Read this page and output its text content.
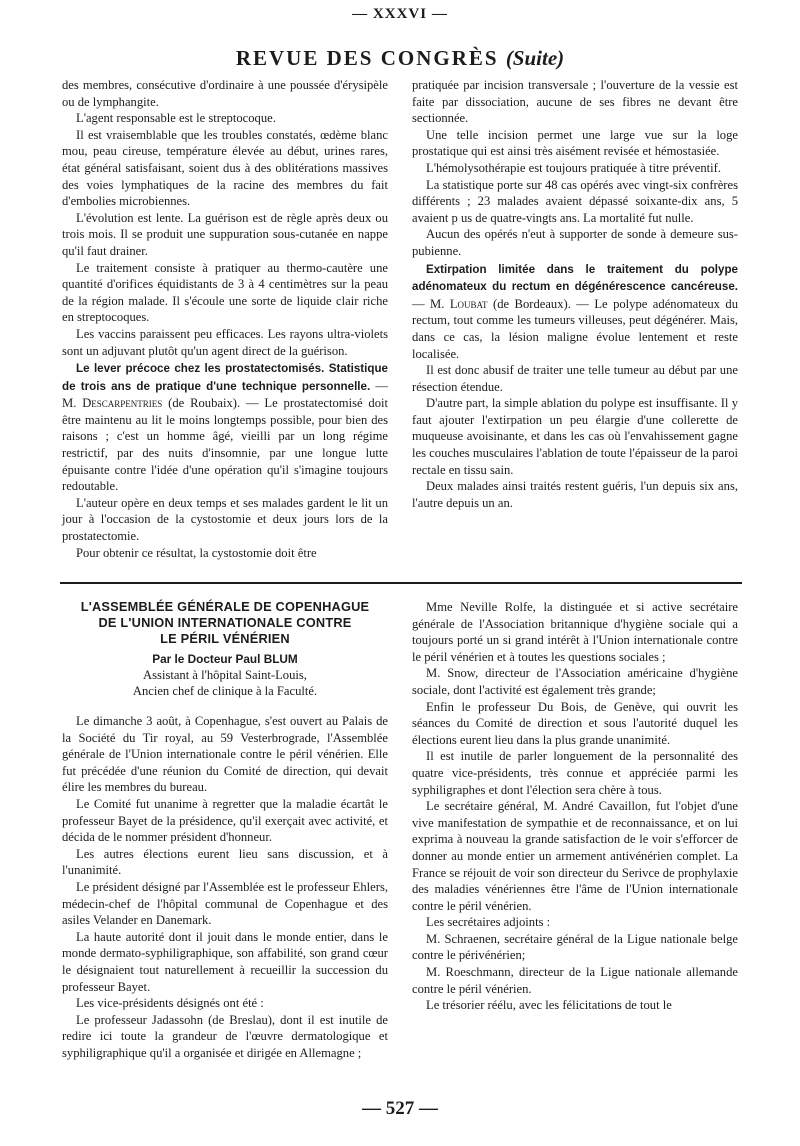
— XXXVI —
REVUE DES CONGRÈS (Suite)

des membres, consécutive d'ordinaire à une poussée d'érysipèle ou de lymphangite.

L'agent responsable est le streptocoque.

Il est vraisemblable que les troubles constatés, œdème blanc mou, peau cireuse, température élevée au début, urines rares, état général satisfaisant, soient dus à des oblitérations massives des voies lymphatiques de la racine des membres du fait d'embolies microbiennes.

L'évolution est lente. La guérison est de règle après deux ou trois mois. Il se produit une suppuration sous-cutanée en nappe qu'il faut drainer.

Le traitement consiste à pratiquer au thermo-cautère une quantité d'orifices équidistants de 3 à 4 centimètres sur la peau de la région malade. Il s'écoule une sorte de liquide clair riche en streptocoques.

Les vaccins paraissent peu efficaces. Les rayons ultra-violets sont un adjuvant plutôt qu'un agent direct de la guérison.

Le lever précoce chez les prostatectomisés. Statistique de trois ans de pratique d'une technique personnelle. — M. Descarpentries (de Roubaix). — Le prostatectomisé doit être maintenu au lit le moins longtemps possible, pour bien des raisons ; c'est un homme âgé, vieilli par un long régime restrictif, par des nuits d'insomnie, par une longue lutte épuisante contre l'idée d'une opération qu'il s'imagine toujours redoutable.

L'auteur opère en deux temps et ses malades gardent le lit un jour à l'occasion de la cystostomie et deux jours lors de la prostatectomie.

Pour obtenir ce résultat, la cystostomie doit être

pratiquée par incision transversale ; l'ouverture de la vessie est faite par dissociation, aucune de ses fibres ne devant être sectionnée.

Une telle incision permet une large vue sur la loge prostatique qui est ainsi très aisément revisée et hémostasiée.

L'hémolysothérapie est toujours pratiquée à titre préventif.

La statistique porte sur 48 cas opérés avec vingt-six confrères différents ; 23 malades avaient dépassé soixante-dix ans, 5 avaient p us de quatre-vingts ans. La mortalité fut nulle.

Aucun des opérés n'eut à supporter de sonde à demeure sus-pubienne.

Extirpation limitée dans le traitement du polype adénomateux du rectum en dégénérescence cancéreuse. — M. Loubat (de Bordeaux). — Le polype adénomateux du rectum, tout comme les tumeurs villeuses, peut dégénérer. Mais, dans ce cas, la lésion maligne évolue lentement et reste localisée.

Il est donc abusif de traiter une telle tumeur au début par une résection étendue.

D'autre part, la simple ablation du polype est insuffisante. Il y faut ajouter l'extirpation un peu élargie d'une collerette de muqueuse avoisinante, et dans les cas où l'envahissement gagne les couches musculaires l'ablation de toute l'épaisseur de la paroi rectale en tissu sain.

Deux malades ainsi traités restent guéris, l'un depuis six ans, l'autre depuis un an.

L'ASSEMBLÉE GÉNÉRALE DE COPENHAGUE
DE L'UNION INTERNATIONALE CONTRE
LE PÉRIL VÉNÉRIEN
Par le Docteur Paul BLUM
Assistant à l'hôpital Saint-Louis,
Ancien chef de clinique à la Faculté.

Le dimanche 3 août, à Copenhague, s'est ouvert au Palais de la Société du Tir royal, au 59 Vesterbrograde, l'Assemblée générale de l'Union internationale contre le péril vénérien. Elle fut précédée d'une réunion du Comité de direction, qui devait élire les membres du bureau.

Le Comité fut unanime à regretter que la maladie écartât le professeur Bayet de la présidence, qu'il exerçait avec activité, et décida de le nommer président d'honneur.

Les autres élections eurent lieu sans discussion, et à l'unanimité.

Le président désigné par l'Assemblée est le professeur Ehlers, médecin-chef de l'hôpital communal de Copenhague et des asiles Velander en Danemark.

La haute autorité dont il jouit dans le monde entier, dans le monde dermato-syphiligraphique, son affabilité, son grand cœur le désignaient tout naturellement à recueillir la succession du professeur Bayet.

Les vice-présidents désignés ont été :

Le professeur Jadassohn (de Breslau), dont il est inutile de redire ici toute la grandeur de l'œuvre dermatologique et syphiligraphique qu'il a organisée et dirigée en Allemagne ;

Mme Neville Rolfe, la distinguée et si active secrétaire générale de l'Association britannique d'hygiène sociale qui a toujours porté un si grand intérêt à l'Union internationale contre le péril vénérien et à toutes les questions sociales ;

M. Snow, directeur de l'Association américaine d'hygiène sociale, dont l'activité est également très grande;

Enfin le professeur Du Bois, de Genève, qui ouvrit les séances du Comité de direction et sous l'autorité duquel les élections eurent lieu dans la plus grande unanimité.

Il est inutile de parler longuement de la personnalité des quatre vice-présidents, très connue et appréciée parmi les syphiligraphes et dont l'élection sera chère à tous.

Le secrétaire général, M. André Cavaillon, fut l'objet d'une vive manifestation de sympathie et de reconnaissance, et on lui exprima à nouveau la grande satisfaction de le voir s'efforcer de donner au monde entier un armement antivénérien complet. La France se réjouit de voir son directeur du Serivce de prophylaxie des maladies vénériennes être l'âme de l'Union internationale contre le péril vénérien.

Les secrétaires adjoints :

M. Schraenen, secrétaire général de la Ligue nationale belge contre le périvénérien;

M. Roeschmann, directeur de la Ligue nationale allemande contre le péril vénérien.

Le trésorier réélu, avec les félicitations de tout le

— 527 —
